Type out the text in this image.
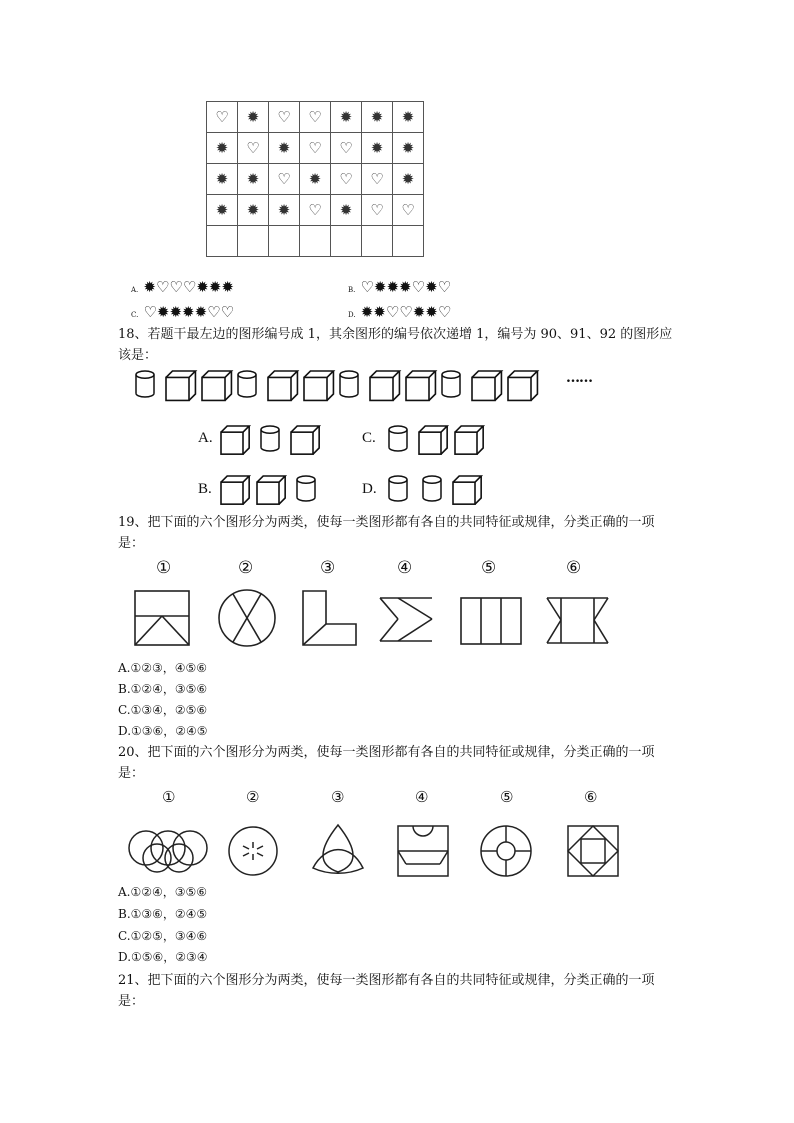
♡	✹	♡	♡	✹	✹	✹
✹	♡	✹	♡	♡	✹	✹
✹	✹	♡	✹	♡	♡	✹
✹	✹	✹	♡	✹	♡	♡

A. ✹♡♡♡✹✹✹	B. ♡✹✹✹♡✹♡
C. ♡✹✹✹✹♡♡	D. ✹✹♡♡✹✹♡
18、若题干最左边的图形编号成 1，其余图形的编号依次递增 1，编号为 90、91、92 的图形应该是：
……
A.	C.
B.	D.
19、把下面的六个图形分为两类，使每一类图形都有各自的共同特征或规律，分类正确的一项是：
①	②	③	④	⑤	⑥
A.①②③，④⑤⑥
B.①②④，③⑤⑥
C.①③④，②⑤⑥
D.①③⑥，②④⑤
20、把下面的六个图形分为两类，使每一类图形都有各自的共同特征或规律，分类正确的一项是：
①	②	③	④	⑤	⑥
A.①②④，③⑤⑥
B.①③⑥，②④⑤
C.①②⑤，③④⑥
D.①⑤⑥，②③④
21、把下面的六个图形分为两类，使每一类图形都有各自的共同特征或规律，分类正确的一项是：
